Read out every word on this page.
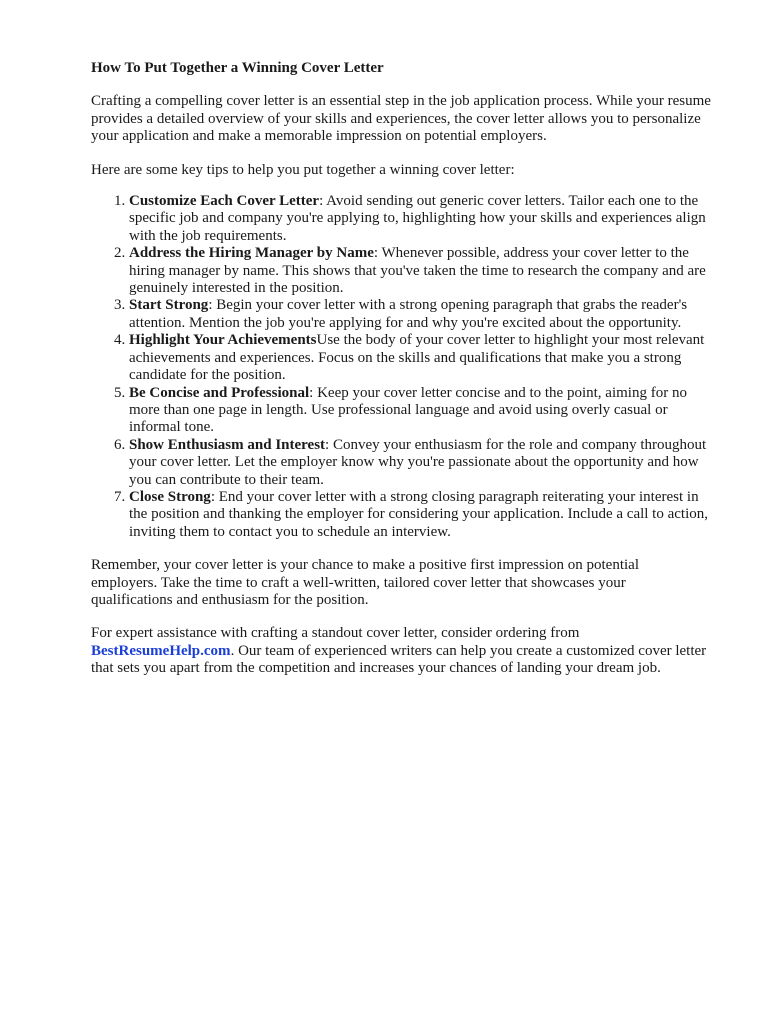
How To Put Together a Winning Cover Letter

Crafting a compelling cover letter is an essential step in the job application process. While your resume provides a detailed overview of your skills and experiences, the cover letter allows you to personalize your application and make a memorable impression on potential employers.

Here are some key tips to help you put together a winning cover letter:

1. Customize Each Cover Letter: Avoid sending out generic cover letters. Tailor each one to the specific job and company you're applying to, highlighting how your skills and experiences align with the job requirements.
2. Address the Hiring Manager by Name: Whenever possible, address your cover letter to the hiring manager by name. This shows that you've taken the time to research the company and are genuinely interested in the position.
3. Start Strong: Begin your cover letter with a strong opening paragraph that grabs the reader's attention. Mention the job you're applying for and why you're excited about the opportunity.
4. Highlight Your AchievementsUse the body of your cover letter to highlight your most relevant achievements and experiences. Focus on the skills and qualifications that make you a strong candidate for the position.
5. Be Concise and Professional: Keep your cover letter concise and to the point, aiming for no more than one page in length. Use professional language and avoid using overly casual or informal tone.
6. Show Enthusiasm and Interest: Convey your enthusiasm for the role and company throughout your cover letter. Let the employer know why you're passionate about the opportunity and how you can contribute to their team.
7. Close Strong: End your cover letter with a strong closing paragraph reiterating your interest in the position and thanking the employer for considering your application. Include a call to action, inviting them to contact you to schedule an interview.

Remember, your cover letter is your chance to make a positive first impression on potential employers. Take the time to craft a well-written, tailored cover letter that showcases your qualifications and enthusiasm for the position.

For expert assistance with crafting a standout cover letter, consider ordering from
BestResumeHelp.com. Our team of experienced writers can help you create a customized cover letter that sets you apart from the competition and increases your chances of landing your dream job.
